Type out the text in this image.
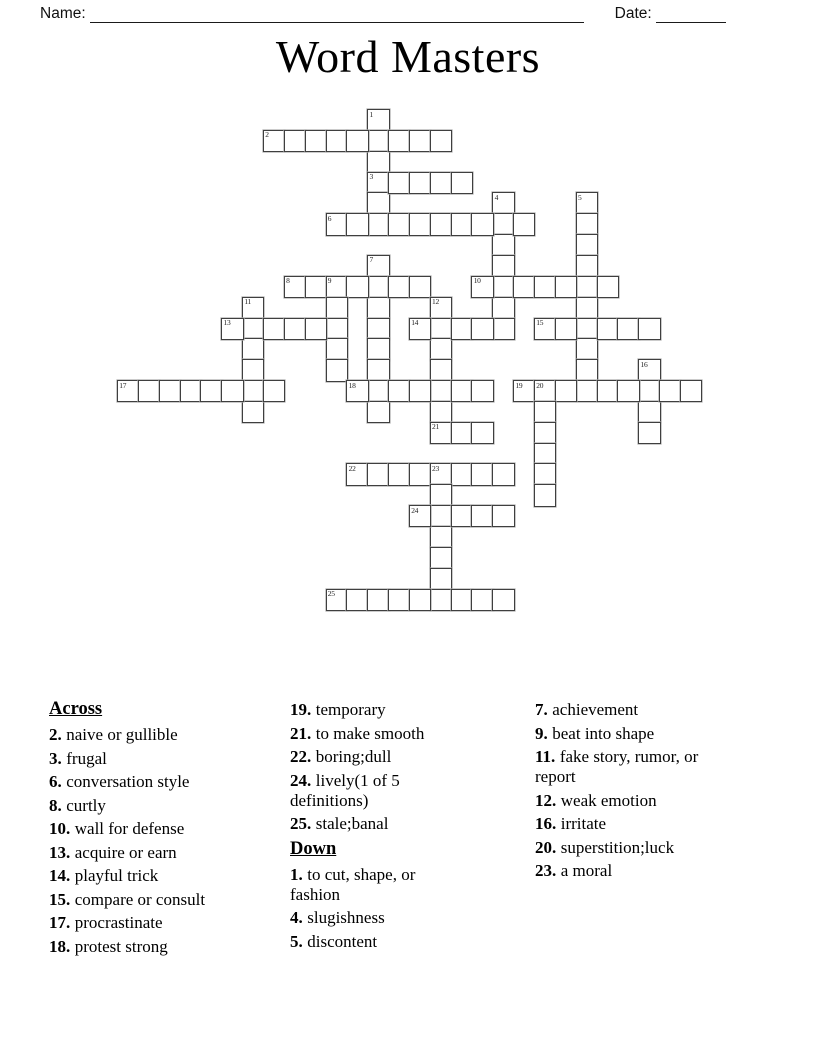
Name:	Date:
Word Masters
1
3
2
4	5
6
7
8	9	10
11	12
21
13	14	15
16
17	18	19 20
22	23
24
25
Across
2. naive or gullible
3. frugal
6. conversation style
8. curtly
10. wall for defense
13. acquire or earn
14. playful trick
15. compare or consult
17. procrastinate
18. protest strong
19. temporary
21. to make smooth
22. boring;dull
24. lively(1 of 5 definitions)
25. stale;banal
Down
1. to cut, shape, or fashion
4. slugishness
5. discontent
7. achievement
9. beat into shape
11. fake story, rumor, or report
12. weak emotion
16. irritate
20. superstition;luck
23. a moral
